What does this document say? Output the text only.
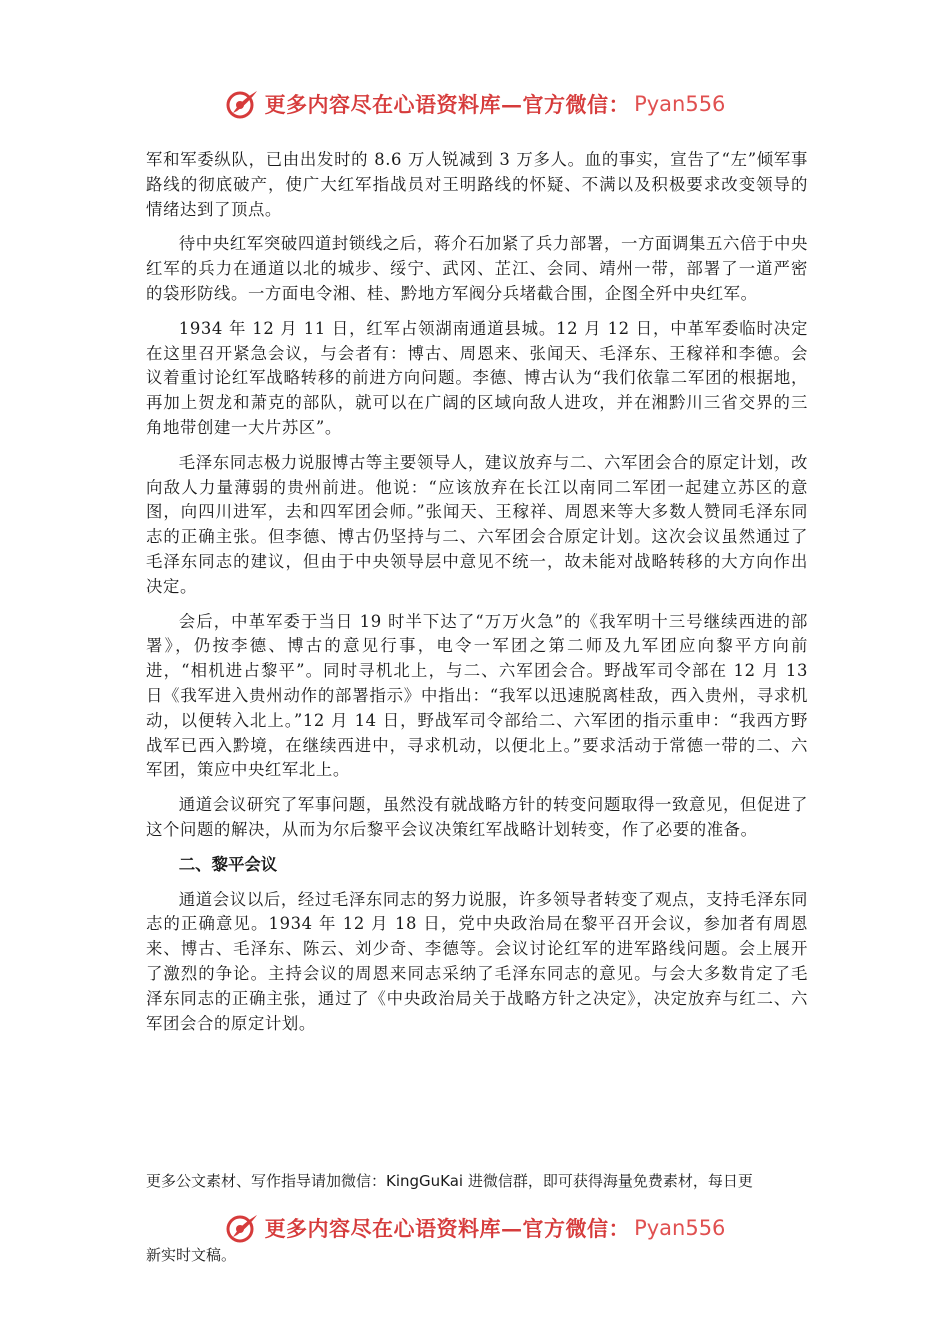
更多内容尽在心语资料库—官方微信： Pyan556

军和军委纵队，已由出发时的 8.6 万人锐减到 3 万多人。血的事实，宣告了“左”倾军事路线的彻底破产，使广大红军指战员对王明路线的怀疑、不满以及积极要求改变领导的情绪达到了顶点。

待中央红军突破四道封锁线之后，蒋介石加紧了兵力部署，一方面调集五六倍于中央红军的兵力在通道以北的城步、绥宁、武冈、芷江、会同、靖州一带，部署了一道严密的袋形防线。一方面电令湘、桂、黔地方军阀分兵堵截合围，企图全歼中央红军。

1934 年 12 月 11 日，红军占领湖南通道县城。12 月 12 日，中革军委临时决定在这里召开紧急会议，与会者有：博古、周恩来、张闻天、毛泽东、王稼祥和李德。会议着重讨论红军战略转移的前进方向问题。李德、博古认为“我们依靠二军团的根据地，再加上贺龙和萧克的部队，就可以在广阔的区域向敌人进攻，并在湘黔川三省交界的三角地带创建一大片苏区”。

毛泽东同志极力说服博古等主要领导人，建议放弃与二、六军团会合的原定计划，改向敌人力量薄弱的贵州前进。他说：“应该放弃在长江以南同二军团一起建立苏区的意图，向四川进军，去和四军团会师。”张闻天、王稼祥、周恩来等大多数人赞同毛泽东同志的正确主张。但李德、博古仍坚持与二、六军团会合原定计划。这次会议虽然通过了毛泽东同志的建议，但由于中央领导层中意见不统一，故未能对战略转移的大方向作出决定。

会后，中革军委于当日 19 时半下达了“万万火急”的《我军明十三号继续西进的部署》，仍按李德、博古的意见行事，电令一军团之第二师及九军团应向黎平方向前进，“相机进占黎平”。同时寻机北上，与二、六军团会合。野战军司令部在 12 月 13 日《我军进入贵州动作的部署指示》中指出：“我军以迅速脱离桂敌，西入贵州，寻求机动，以便转入北上。”12 月 14 日，野战军司令部给二、六军团的指示重申：“我西方野战军已西入黔境，在继续西进中，寻求机动，以便北上。”要求活动于常德一带的二、六军团，策应中央红军北上。

通道会议研究了军事问题，虽然没有就战略方针的转变问题取得一致意见，但促进了这个问题的解决，从而为尔后黎平会议决策红军战略计划转变，作了必要的准备。

二、黎平会议

通道会议以后，经过毛泽东同志的努力说服，许多领导者转变了观点，支持毛泽东同志的正确意见。1934 年 12 月 18 日，党中央政治局在黎平召开会议，参加者有周恩来、博古、毛泽东、陈云、刘少奇、李德等。会议讨论红军的进军路线问题。会上展开了激烈的争论。主持会议的周恩来同志采纳了毛泽东同志的意见。与会大多数肯定了毛泽东同志的正确主张，通过了《中央政治局关于战略方针之决定》，决定放弃与红二、六军团会合的原定计划。

更多公文素材、写作指导请加微信：KingGuKai 进微信群，即可获得海量免费素材，每日更
更多内容尽在心语资料库—官方微信： Pyan556
新实时文稿。
